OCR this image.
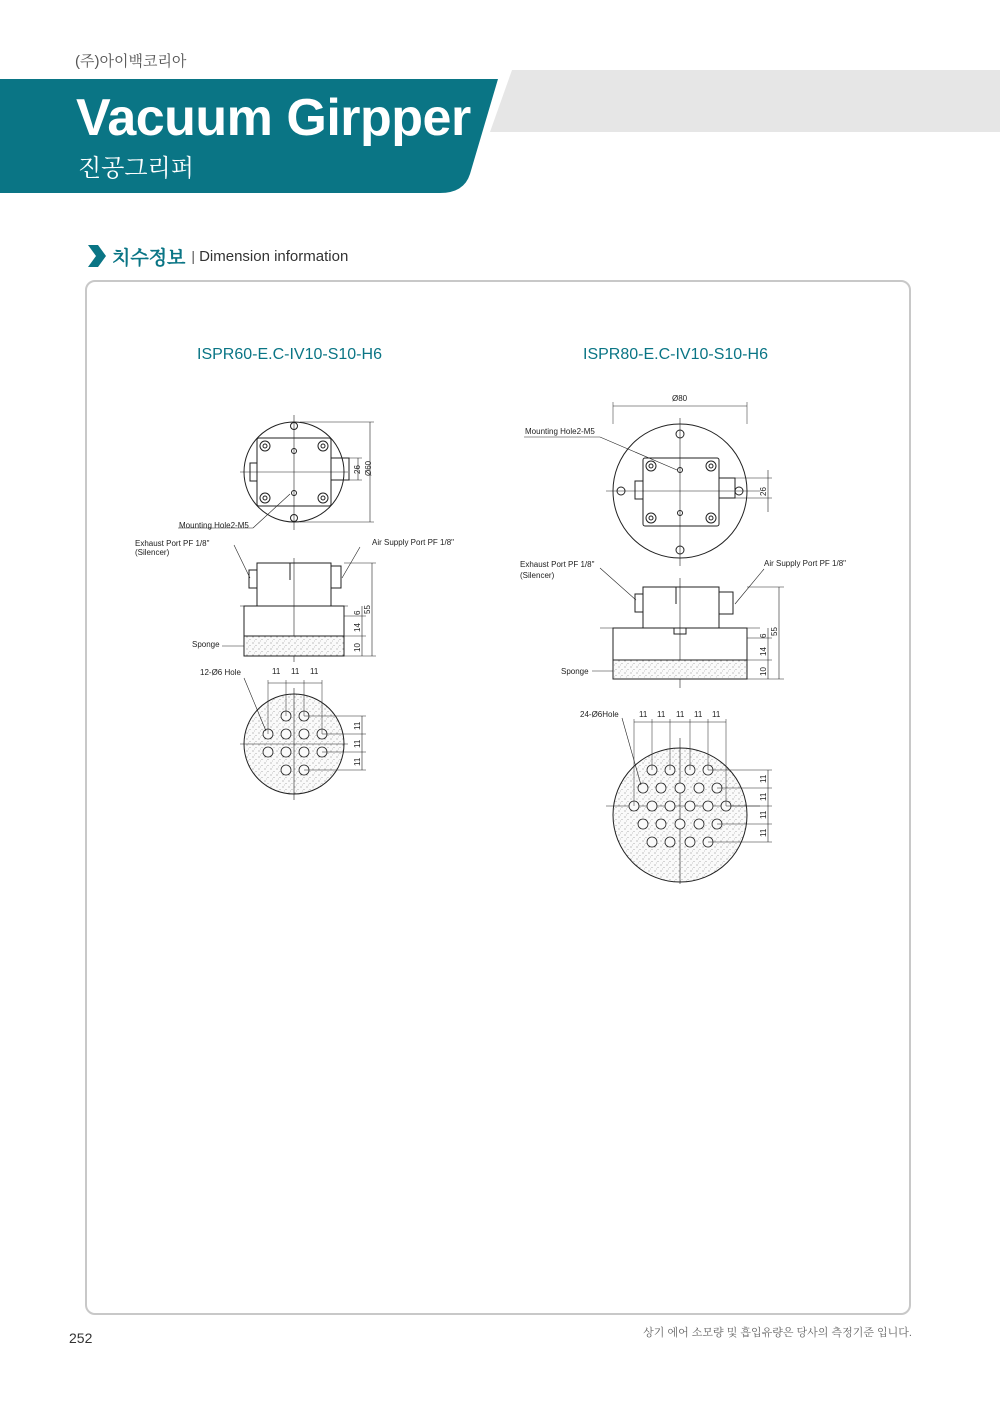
(주)아이백코리아
Vacuum Girpper
진공그리퍼
치수정보 | Dimension information
ISPR60-E.C-IV10-S10-H6	ISPR80-E.C-IV10-S10-H6
Mounting Hole2-M5
Exhaust Port PF 1/8"
(Silencer)
Air Supply Port PF 1/8"
Sponge
12-Ø6 Hole	11 11 11
26 Ø60
6
14
10
55
11
11
11
Ø80
Mounting Hole2-M5
Exhaust Port PF 1/8"
(Silencer)
Air Supply Port PF 1/8"
Sponge
24-Ø6Hole	11 11 11 11 11
26
6
14
10
55
11
11
11
11
252	상기 에어 소모량 및 흡입유량은 당사의 측정기준 입니다.
